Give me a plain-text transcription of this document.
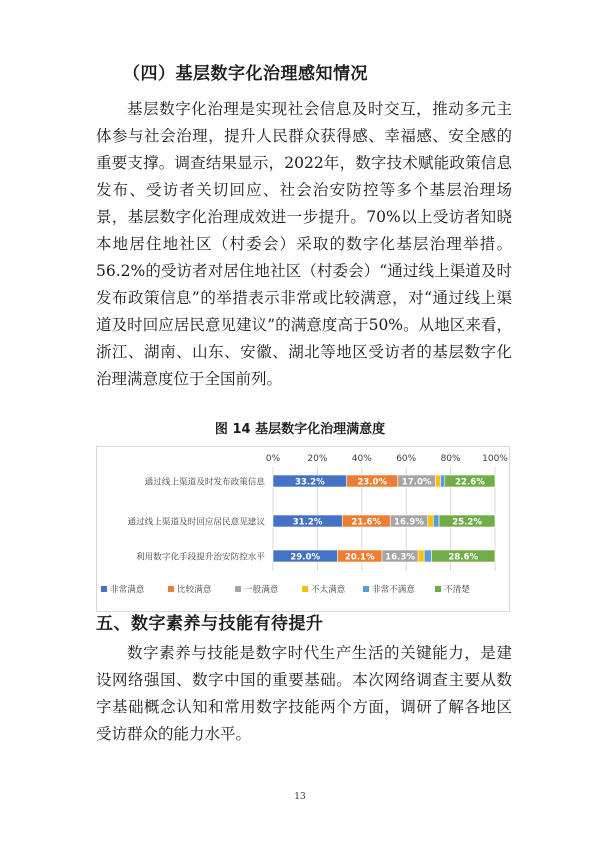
（四）基层数字化治理感知情况

基层数字化治理是实现社会信息及时交互，推动多元主体参与社会治理，提升人民群众获得感、幸福感、安全感的重要支撑。调查结果显示，2022年，数字技术赋能政策信息发布、受访者关切回应、社会治安防控等多个基层治理场景，基层数字化治理成效进一步提升。70%以上受访者知晓本地居住地社区（村委会）采取的数字化基层治理举措。56.2%的受访者对居住地社区（村委会）“通过线上渠道及时发布政策信息”的举措表示非常或比较满意，对“通过线上渠道及时回应居民意见建议”的满意度高于50%。从地区来看，浙江、湖南、山东、安徽、湖北等地区受访者的基层数字化治理满意度位于全国前列。

图 14 基层数字化治理满意度
0%	20%	40%	60%	80% 100%
通过线上渠道及时发布政策信息
通过线上渠道及时回应居民意见建议
利用数字化手段提升治安防控水平
33.2%	23.0% 17.0%	22.6%
31.2%	21.6% 16.9%	25.2%
29.0%	20.1% 16.3%	28.6%
非常满意	比较满意	一般满意	不太满意	非常不满意	不清楚
五、数字素养与技能有待提升

数字素养与技能是数字时代生产生活的关键能力，是建设网络强国、数字中国的重要基础。本次网络调查主要从数字基础概念认知和常用数字技能两个方面，调研了解各地区受访群众的能力水平。

13
